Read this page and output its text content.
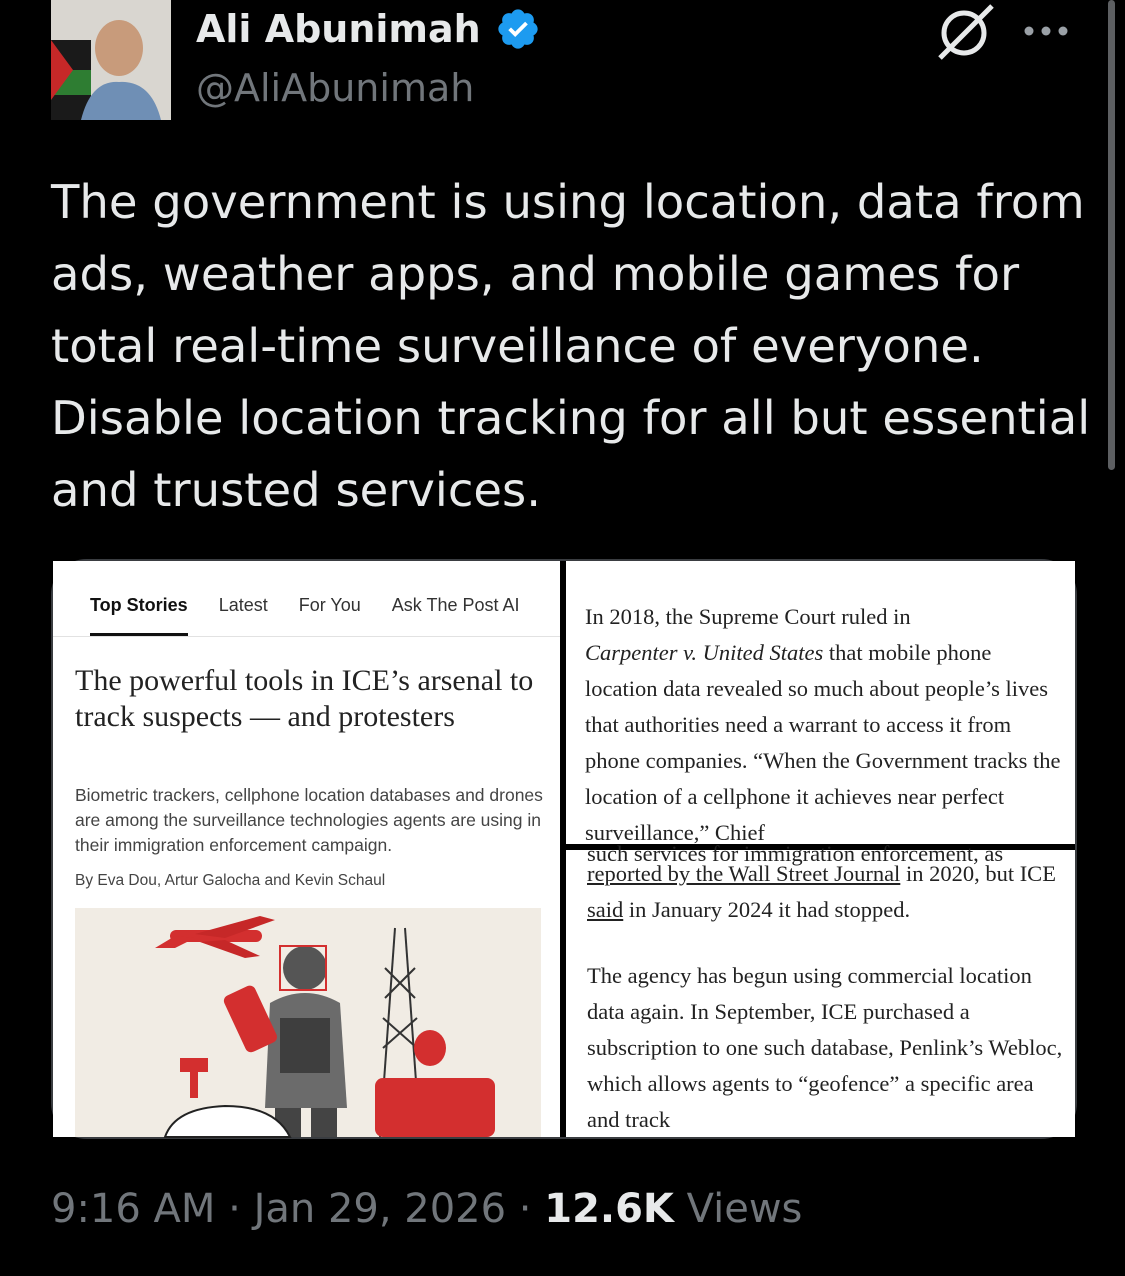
Ali Abunimah
@AliAbunimah
The government is using location, data from ads, weather apps, and mobile games for total real-time surveillance of everyone. Disable location tracking for all but essential and trusted services.
Top Stories Latest For You Ask The Post AI
The powerful tools in ICE’s arsenal to track suspects — and protesters
Biometric trackers, cellphone location databases and drones are among the surveillance technologies agents are using in their immigration enforcement campaign.
By Eva Dou, Artur Galocha and Kevin Schaul
In 2018, the Supreme Court ruled in
Carpenter v. United States that mobile phone location data revealed so much about people’s lives that authorities need a warrant to access it from phone companies. “When the Government tracks the location of a cellphone it achieves near perfect surveillance,” Chief
such services for immigration enforcement, as

reported by the Wall Street Journal in 2020, but ICE said in January 2024 it had stopped.

The agency has begun using commercial location data again. In September, ICE purchased a subscription to one such database, Penlink’s Webloc, which allows agents to “geofence” a specific area and track

9:16 AM · Jan 29, 2026 · 12.6K Views
